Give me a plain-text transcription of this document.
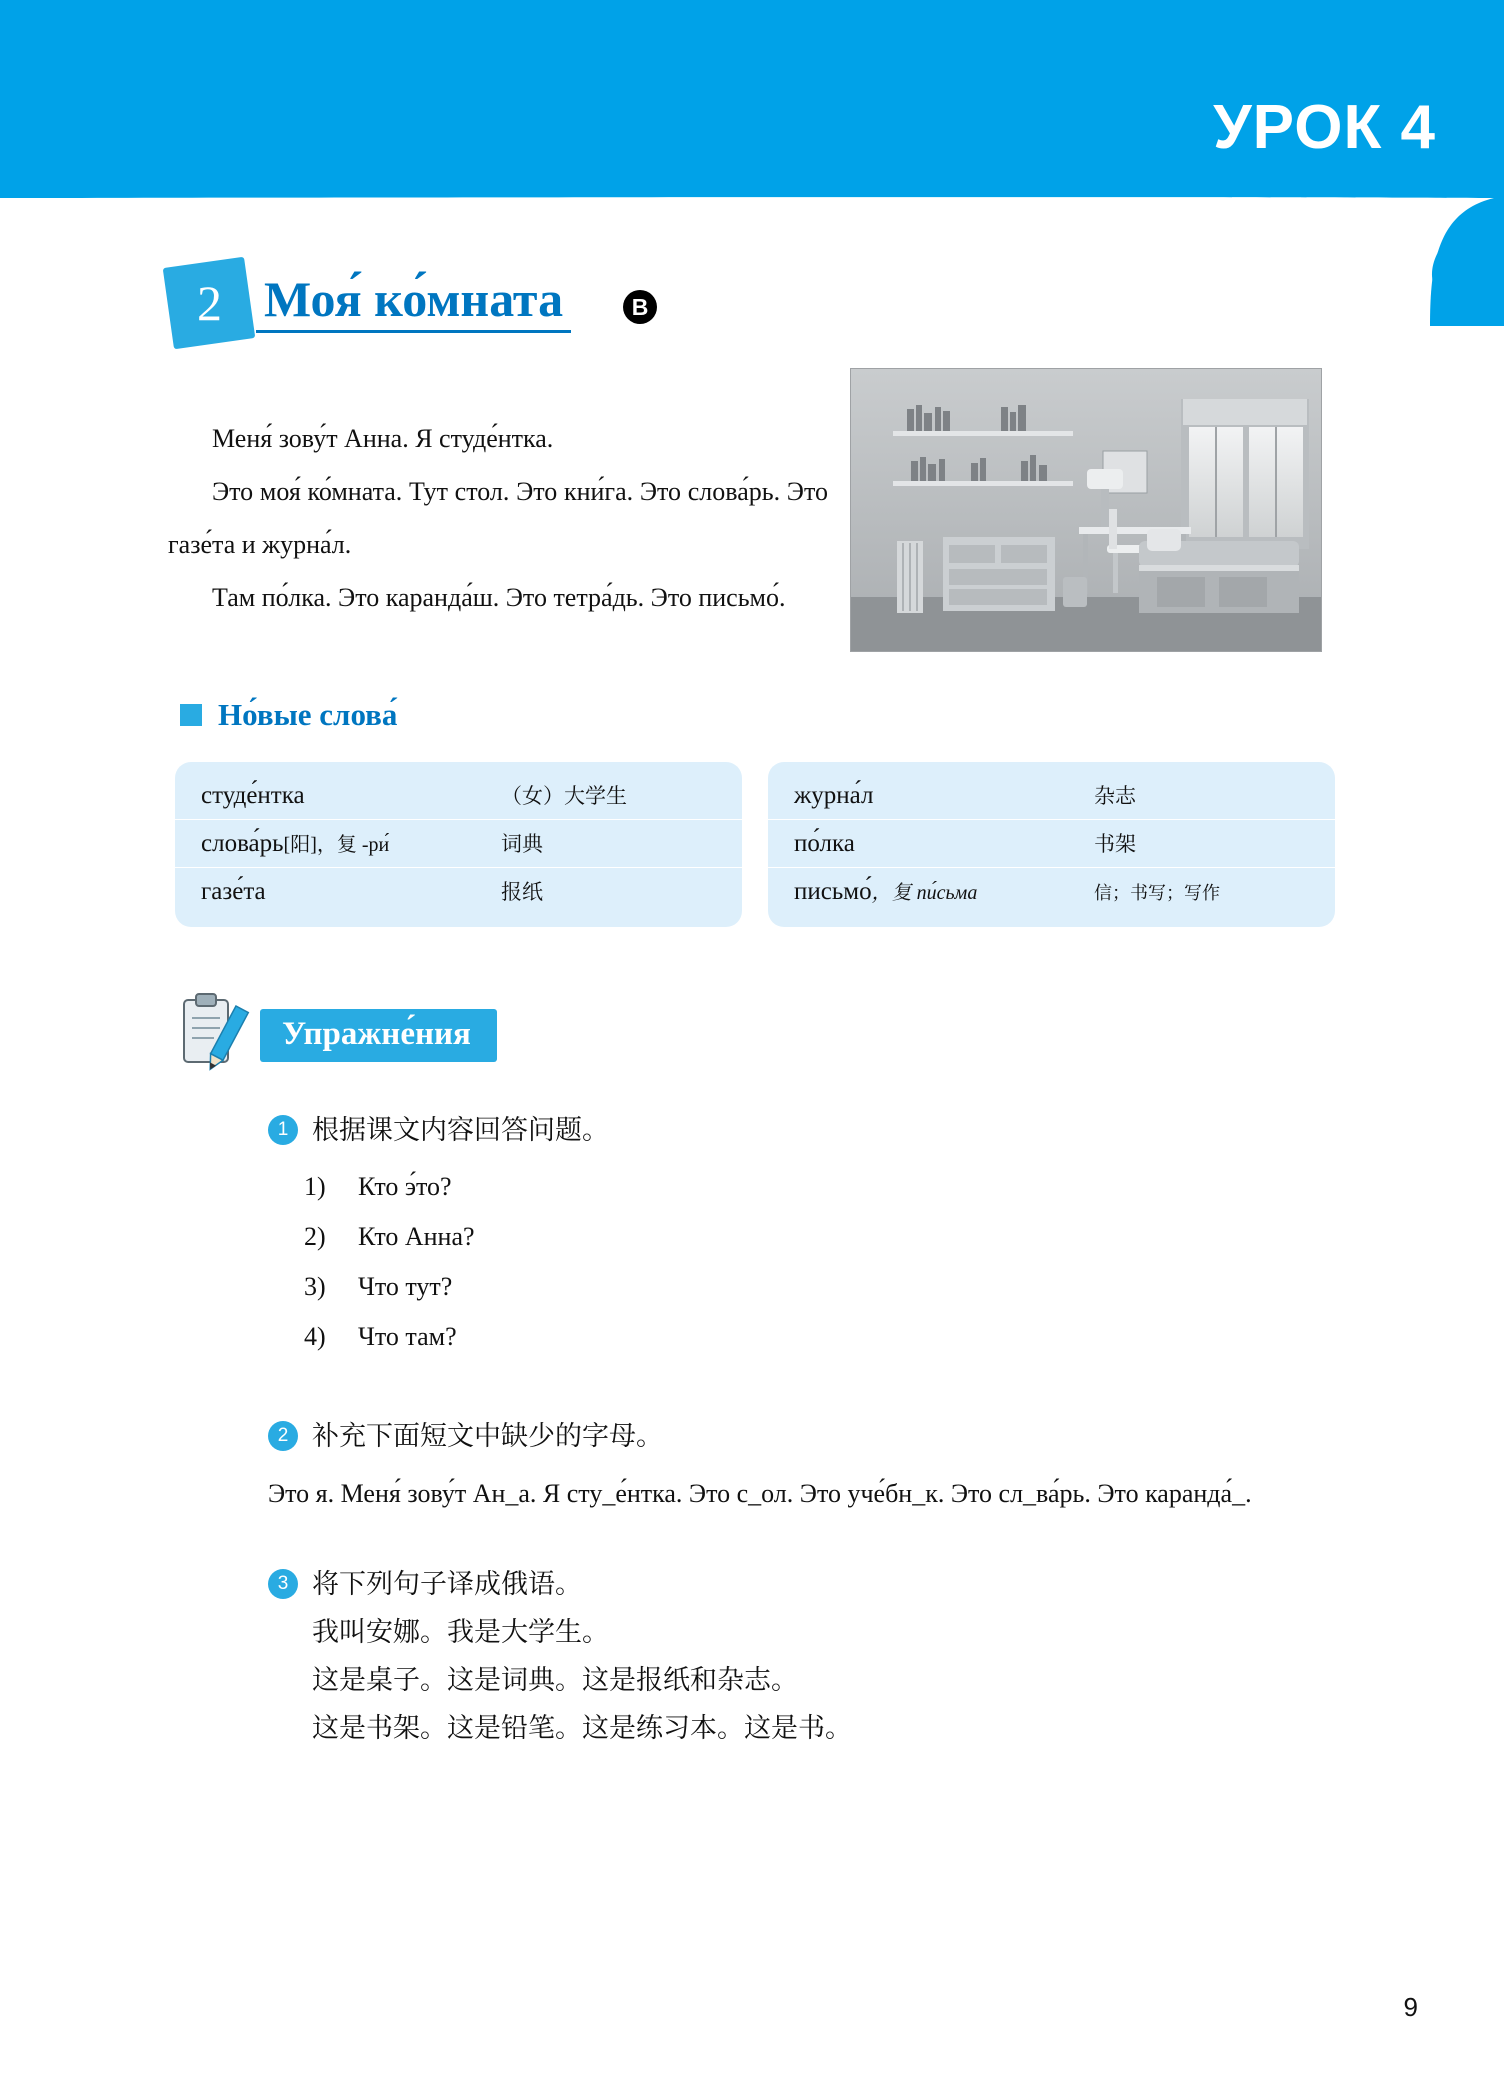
УРОК 4
2 Моя́ ко́мната	B

Меня́ зову́т Анна. Я студе́нтка.

Это моя́ ко́мната. Тут стол. Это кни́га. Это слова́рь. Это газе́та и журна́л.

Там по́лка. Это каранда́ш. Это тетра́дь. Это письмо́.

Но́вые слова́
студе́нтка	（女）大学生
слова́рь[阳]，复 -ри́	词典
газе́та	报纸
журна́л	杂志
по́лка	书架
письмо́，复 пи́сьма	信；书写；写作
Упражне́ния
1 根据课文内容回答问题。
1)	Кто э́то?
2)	Кто Анна?
3)	Что тут?
4)	Что там?
2 补充下面短文中缺少的字母。
Это я. Меня́ зову́т Ан_а. Я сту_е́нтка. Это с_ол. Это уче́бн_к. Это сл_ва́рь. Это каранда́_.
3 将下列句子译成俄语。
我叫安娜。我是大学生。
这是桌子。这是词典。这是报纸和杂志。
这是书架。这是铅笔。这是练习本。这是书。
9
